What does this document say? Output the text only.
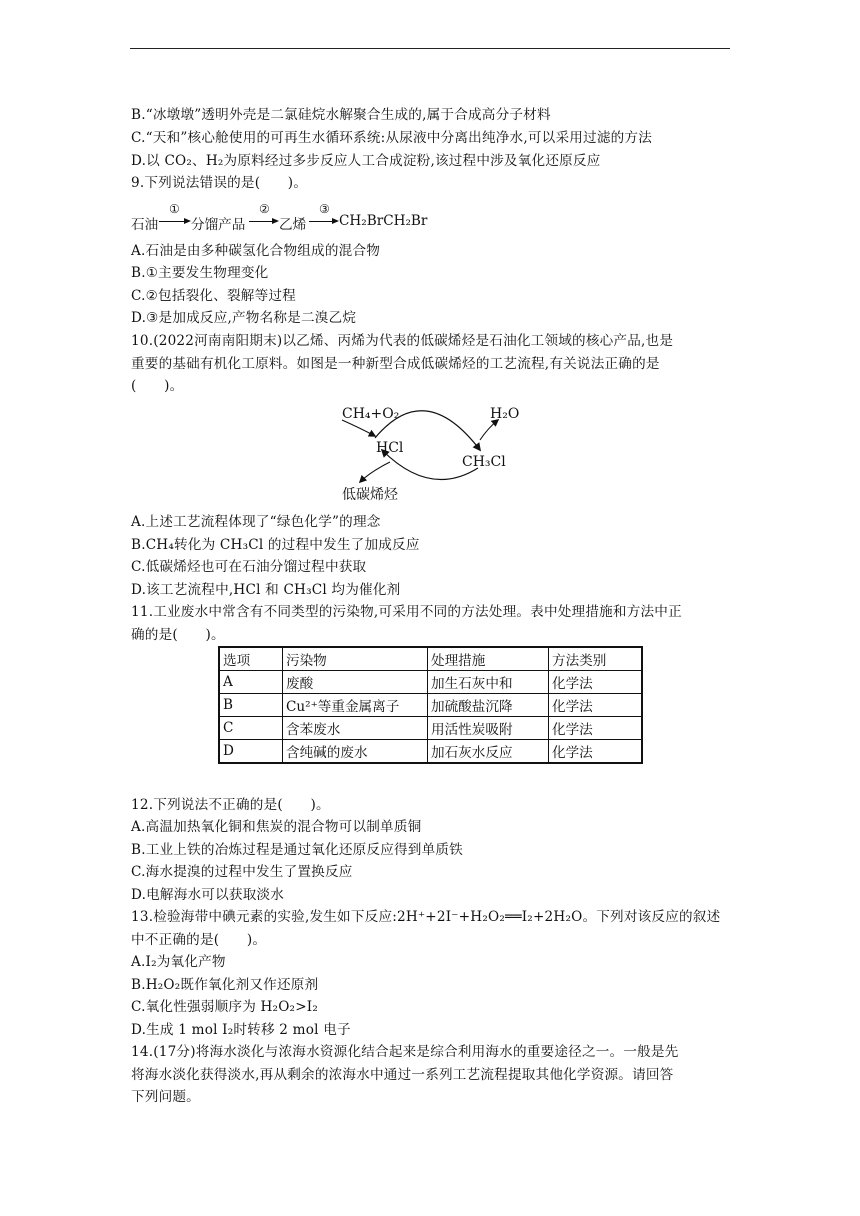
B.“冰墩墩”透明外壳是二氯硅烷水解聚合生成的,属于合成高分子材料
C.“天和”核心舱使用的可再生水循环系统:从尿液中分离出纯净水,可以采用过滤的方法
D.以 CO₂、H₂为原料经过多步反应人工合成淀粉,该过程中涉及氧化还原反应
9.下列说法错误的是(　　)。
石油
①
分馏产品
②
乙烯
③
CH₂BrCH₂Br
A.石油是由多种碳氢化合物组成的混合物
B.①主要发生物理变化
C.②包括裂化、裂解等过程
D.③是加成反应,产物名称是二溴乙烷
10.(2022河南南阳期末)以乙烯、丙烯为代表的低碳烯烃是石油化工领域的核心产品,也是
重要的基础有机化工原料。如图是一种新型合成低碳烯烃的工艺流程,有关说法正确的是
(　　)。
CH₄+O₂	H₂O
HCl
CH₃Cl
低碳烯烃
A.上述工艺流程体现了“绿色化学”的理念
B.CH₄转化为 CH₃Cl 的过程中发生了加成反应
C.低碳烯烃也可在石油分馏过程中获取
D.该工艺流程中,HCl 和 CH₃Cl 均为催化剂
11.工业废水中常含有不同类型的污染物,可采用不同的方法处理。表中处理措施和方法中正
确的是(　　)。
选项	污染物	处理措施	方法类别
A	废酸	加生石灰中和	化学法
B	Cu²⁺等重金属离子	加硫酸盐沉降	化学法
C	含苯废水	用活性炭吸附	化学法
D	含纯碱的废水	加石灰水反应	化学法
12.下列说法不正确的是(　　)。
A.高温加热氧化铜和焦炭的混合物可以制单质铜
B.工业上铁的冶炼过程是通过氧化还原反应得到单质铁
C.海水提溴的过程中发生了置换反应
D.电解海水可以获取淡水
13.检验海带中碘元素的实验,发生如下反应:2H⁺+2I⁻+H₂O₂══I₂+2H₂O。下列对该反应的叙述
中不正确的是(　　)。
A.I₂为氧化产物
B.H₂O₂既作氧化剂又作还原剂
C.氧化性强弱顺序为 H₂O₂>I₂
D.生成 1 mol I₂时转移 2 mol 电子
14.(17分)将海水淡化与浓海水资源化结合起来是综合利用海水的重要途径之一。一般是先
将海水淡化获得淡水,再从剩余的浓海水中通过一系列工艺流程提取其他化学资源。请回答
下列问题。
